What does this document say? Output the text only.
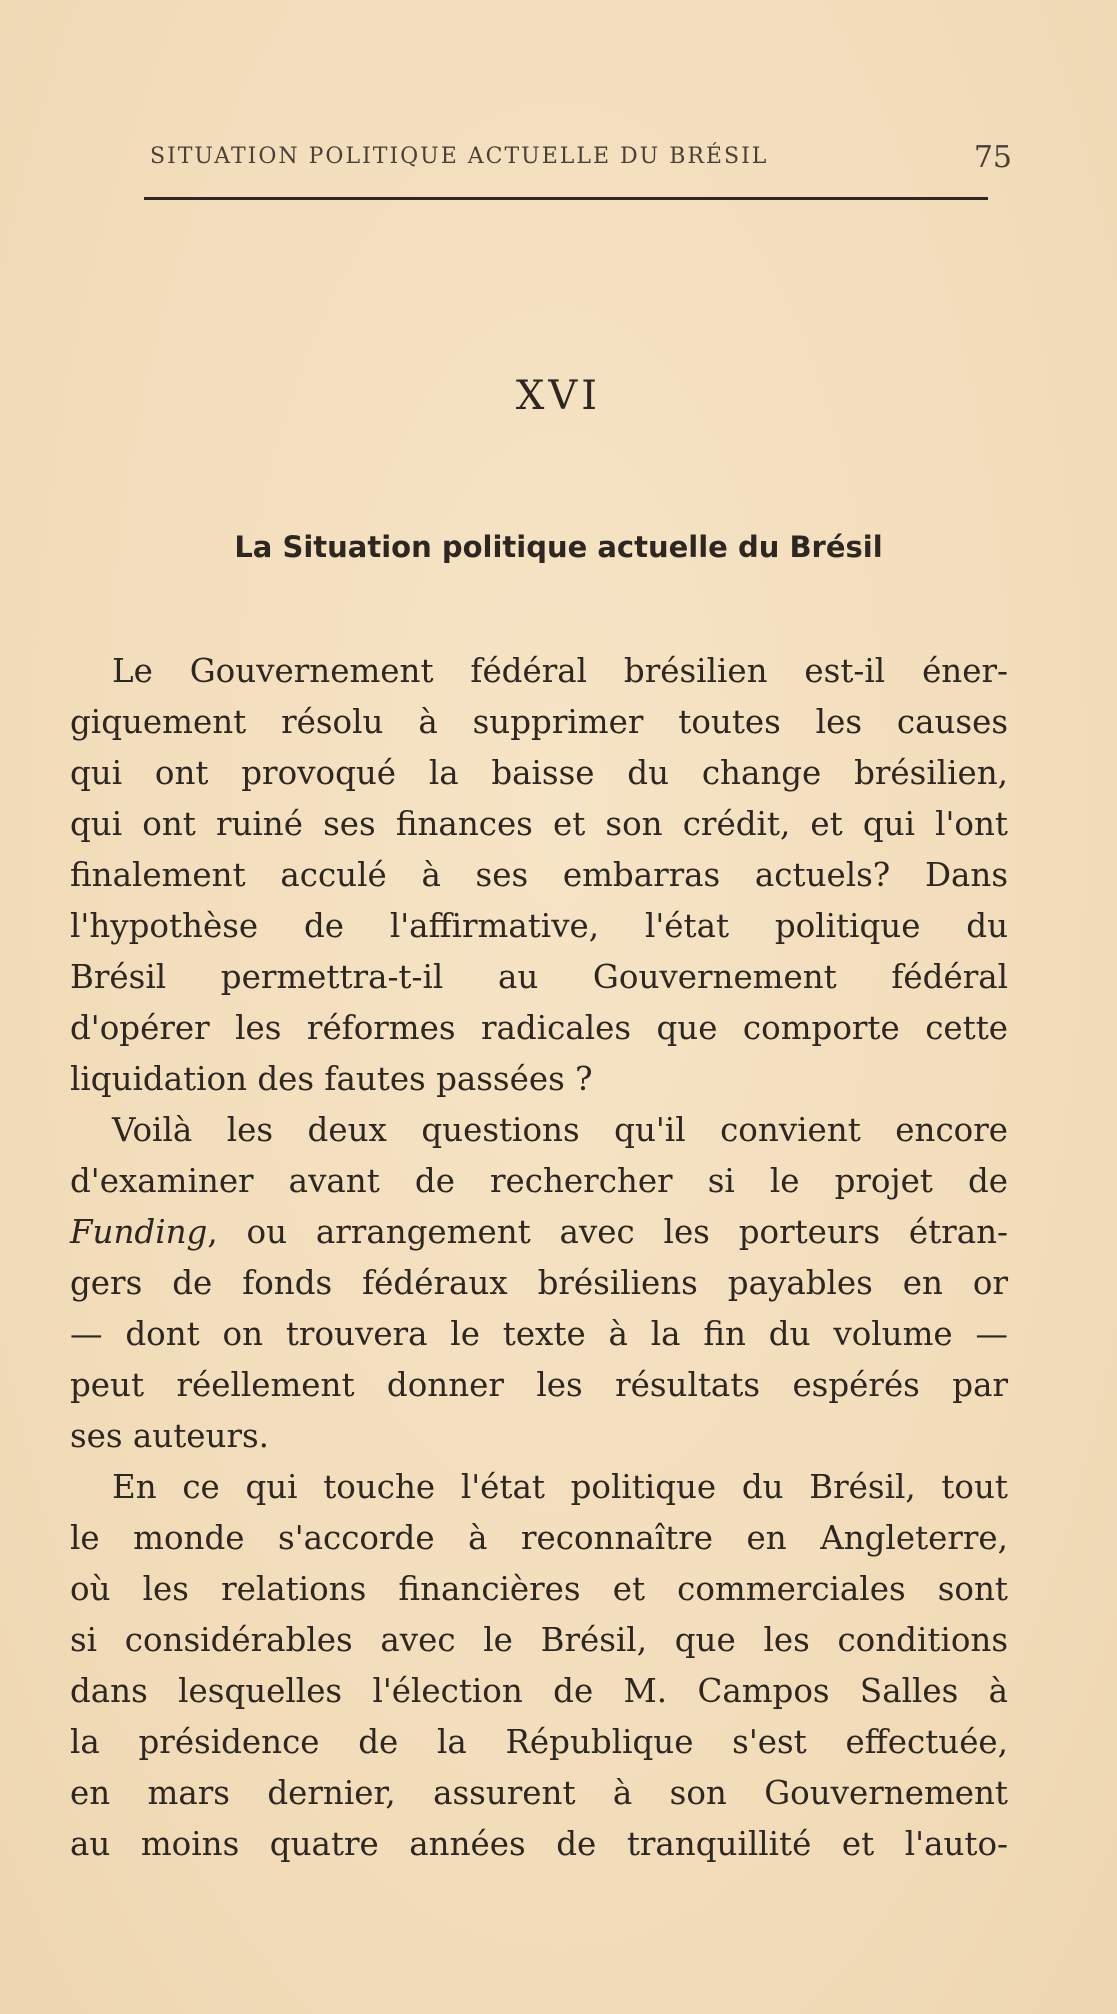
SITUATION POLITIQUE ACTUELLE DU BRÉSIL	75
XVI
La Situation politique actuelle du Brésil
Le Gouvernement fédéral brésilien est-il éner-
giquement résolu à supprimer toutes les causes
qui ont provoqué la baisse du change brésilien,
qui ont ruiné ses finances et son crédit, et qui l'ont
finalement acculé à ses embarras actuels? Dans
l'hypothèse de l'affirmative, l'état politique du
Brésil permettra-t-il au Gouvernement fédéral
d'opérer les réformes radicales que comporte cette
liquidation des fautes passées ?
Voilà les deux questions qu'il convient encore
d'examiner avant de rechercher si le projet de
Funding, ou arrangement avec les porteurs étran-
gers de fonds fédéraux brésiliens payables en or
— dont on trouvera le texte à la fin du volume —
peut réellement donner les résultats espérés par
ses auteurs.
En ce qui touche l'état politique du Brésil, tout
le monde s'accorde à reconnaître en Angleterre,
où les relations financières et commerciales sont
si considérables avec le Brésil, que les conditions
dans lesquelles l'élection de M. Campos Salles à
la présidence de la République s'est effectuée,
en mars dernier, assurent à son Gouvernement
au moins quatre années de tranquillité et l'auto-
